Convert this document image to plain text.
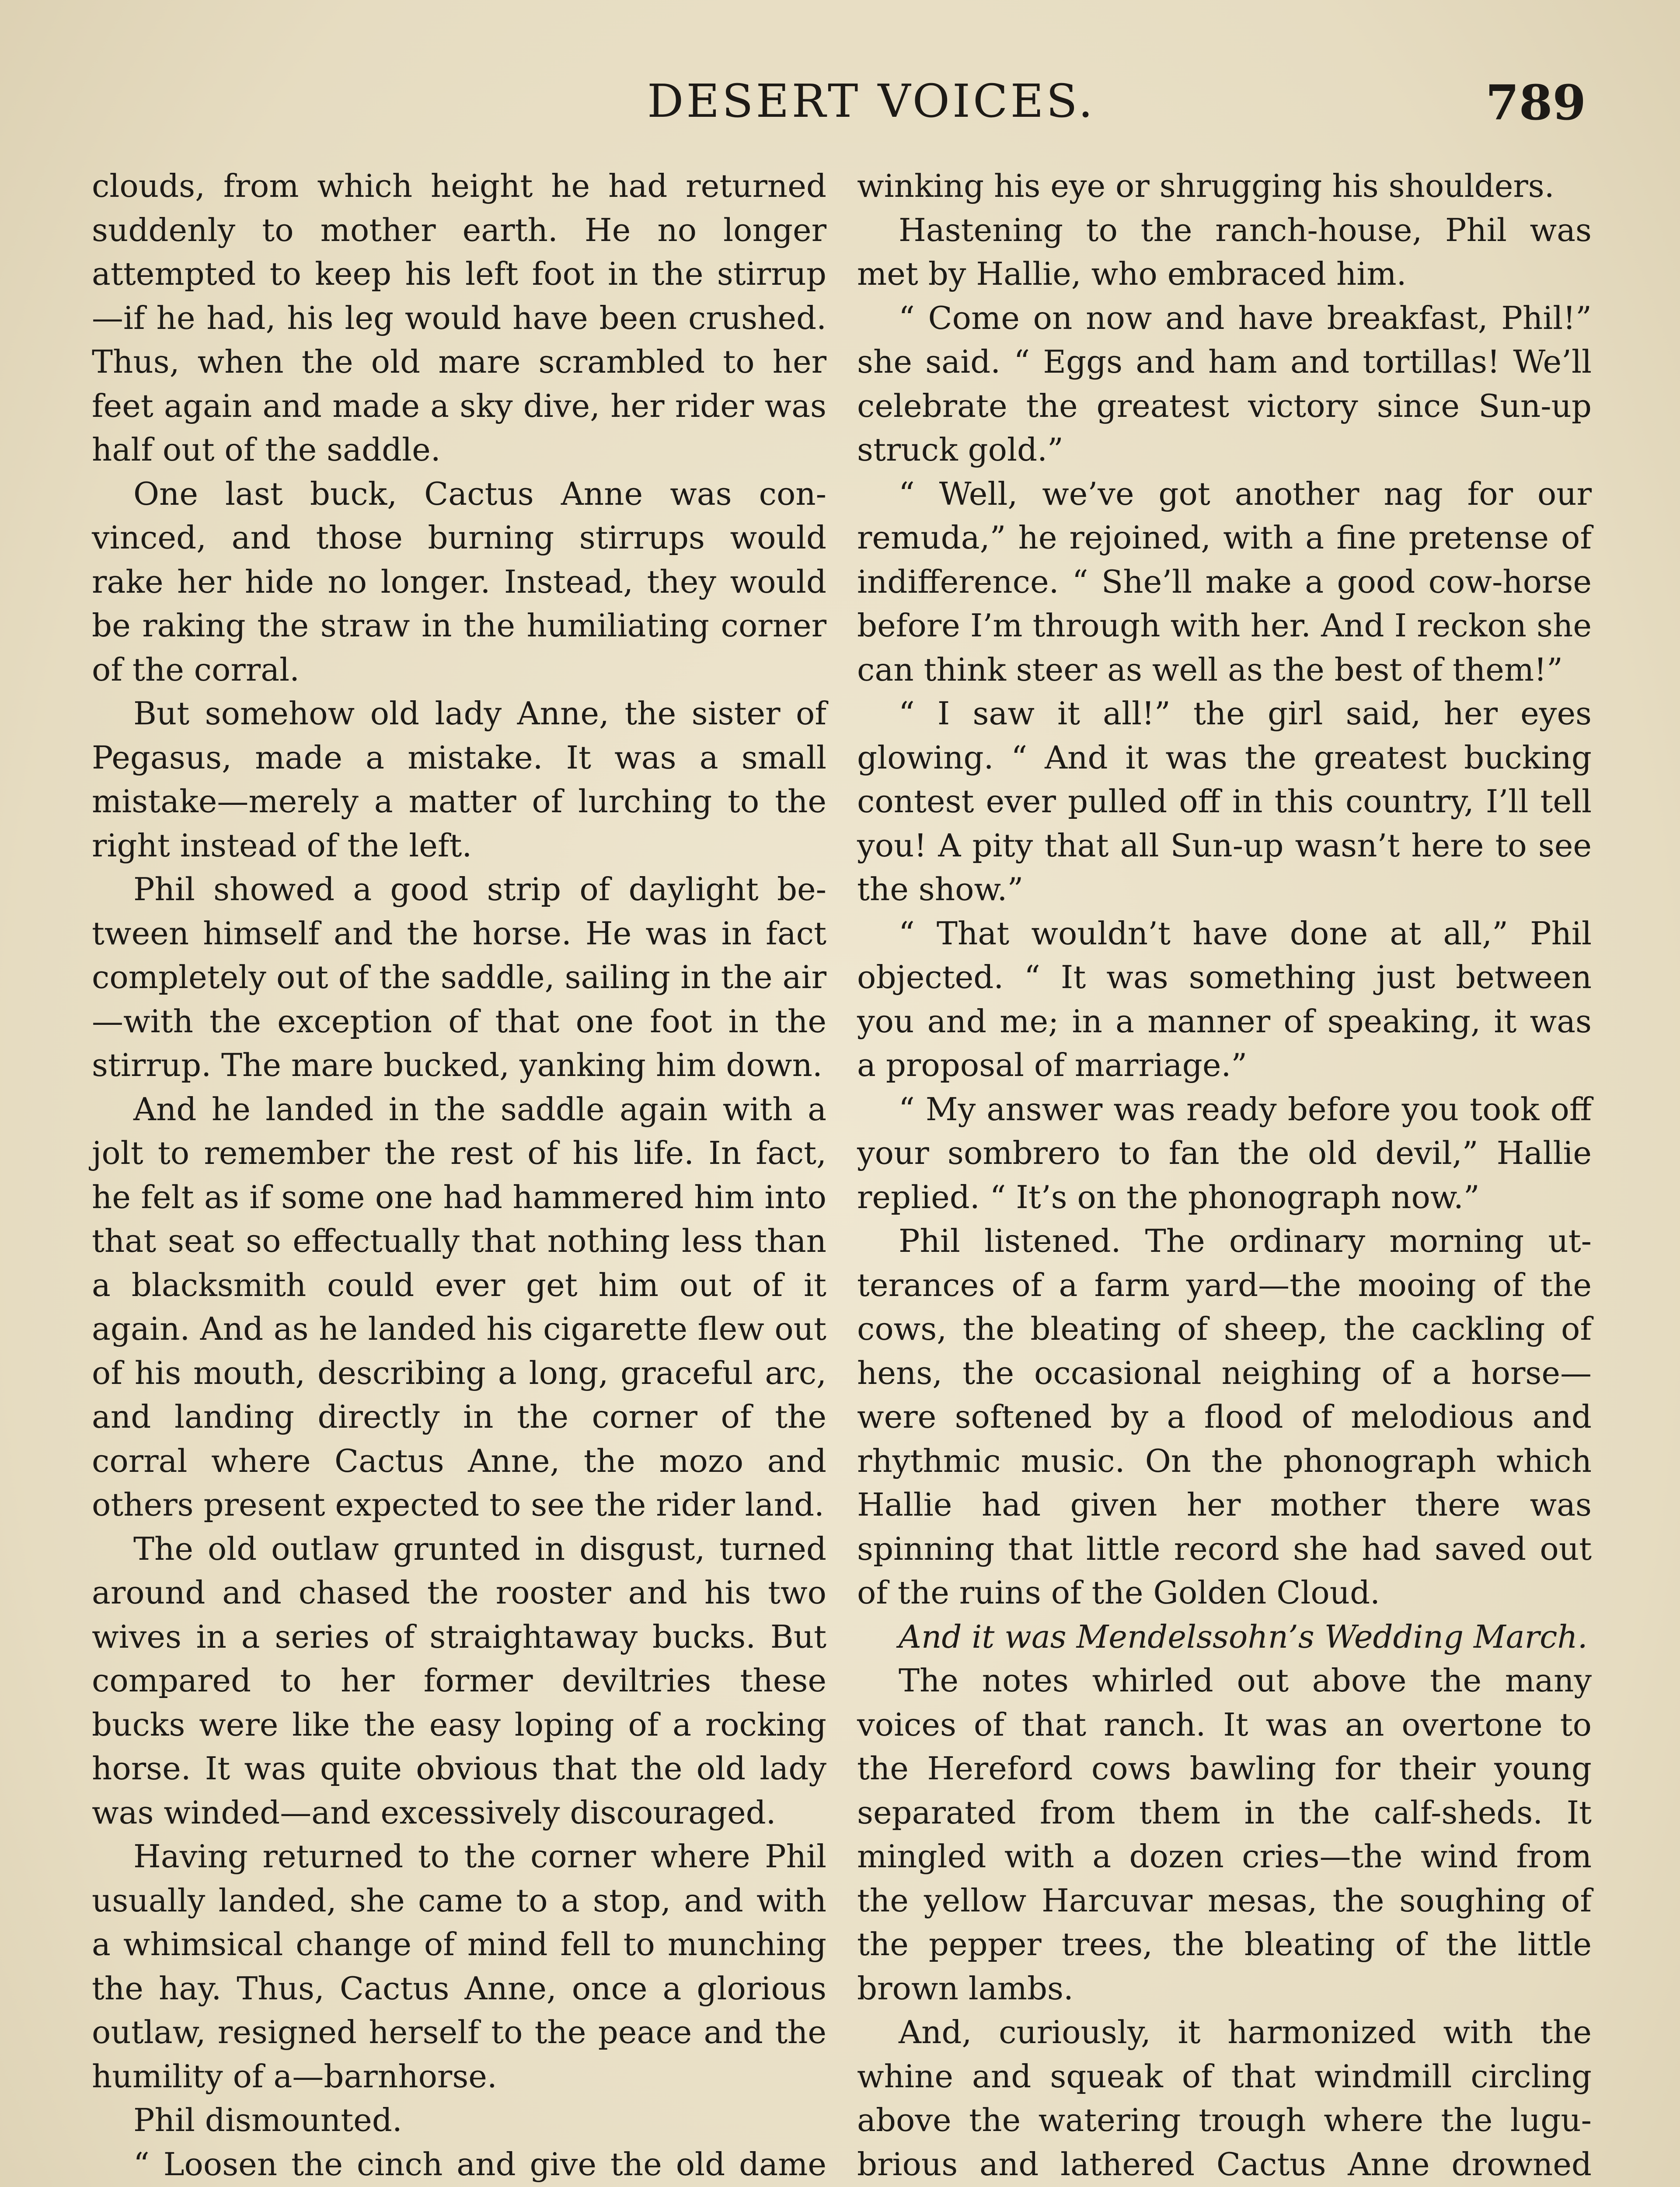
DESERT VOICES.	789

clouds, from which height he had returned suddenly to mother earth. He no longer attempted to keep his left foot in the stirrup—if he had, his leg would have been crushed. Thus, when the old mare scrambled to her feet again and made a sky dive, her rider was half out of the saddle.

One last buck, Cactus Anne was convinced, and those burning stirrups would rake her hide no longer. Instead, they would be raking the straw in the humiliating corner of the corral.

But somehow old lady Anne, the sister of Pegasus, made a mistake. It was a small mistake—merely a matter of lurching to the right instead of the left.

Phil showed a good strip of daylight between himself and the horse. He was in fact completely out of the saddle, sailing in the air—with the exception of that one foot in the stirrup. The mare bucked, yanking him down.

And he landed in the saddle again with a jolt to remember the rest of his life. In fact, he felt as if some one had hammered him into that seat so effectually that nothing less than a blacksmith could ever get him out of it again. And as he landed his cigarette flew out of his mouth, describing a long, graceful arc, and landing directly in the corner of the corral where Cactus Anne, the mozo and others present expected to see the rider land.

The old outlaw grunted in disgust, turned around and chased the rooster and his two wives in a series of straightaway bucks. But compared to her former deviltries these bucks were like the easy loping of a rocking horse. It was quite obvious that the old lady was winded—and excessively discouraged.

Having returned to the corner where Phil usually landed, she came to a stop, and with a whimsical change of mind fell to munching the hay. Thus, Cactus Anne, once a glorious outlaw, resigned herself to the peace and the humility of a—barnhorse.

Phil dismounted.

“ Loosen the cinch and give the old dame

winking his eye or shrugging his shoulders.

Hastening to the ranch-house, Phil was met by Hallie, who embraced him.

“ Come on now and have breakfast, Phil!” she said. “ Eggs and ham and tortillas! We’ll celebrate the greatest victory since Sun-up struck gold.”

“ Well, we’ve got another nag for our remuda,” he rejoined, with a fine pretense of indifference. “ She’ll make a good cow-horse before I’m through with her. And I reckon she can think steer as well as the best of them!”

“ I saw it all!” the girl said, her eyes glowing. “ And it was the greatest bucking contest ever pulled off in this country, I’ll tell you! A pity that all Sun-up wasn’t here to see the show.”

“ That wouldn’t have done at all,” Phil objected. “ It was something just between you and me; in a manner of speaking, it was a proposal of marriage.”

“ My answer was ready before you took off your sombrero to fan the old devil,” Hallie replied. “ It’s on the phonograph now.”

Phil listened. The ordinary morning utterances of a farm yard—the mooing of the cows, the bleating of sheep, the cackling of hens, the occasional neighing of a horse—were softened by a flood of melodious and rhythmic music. On the phonograph which Hallie had given her mother there was spinning that little record she had saved out of the ruins of the Golden Cloud.

And it was Mendelssohn’s Wedding March.

The notes whirled out above the many voices of that ranch. It was an overtone to the Hereford cows bawling for their young separated from them in the calf-sheds. It mingled with a dozen cries—the wind from the yellow Harcuvar mesas, the soughing of the pepper trees, the bleating of the little brown lambs.

And, curiously, it harmonized with the whine and squeak of that windmill circling above the watering trough where the lugubrious and lathered Cactus Anne drowned
